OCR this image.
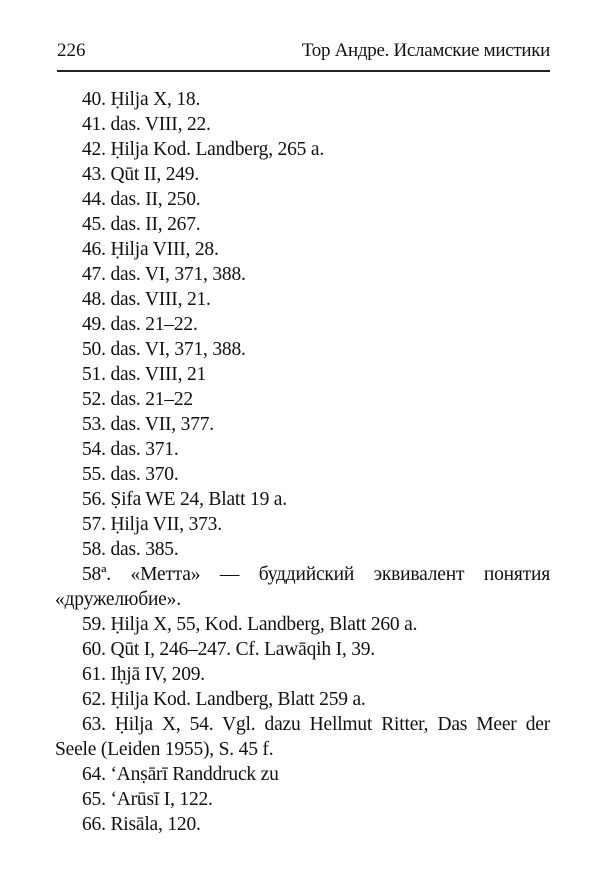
226	Тор Андре. Исламские мистики

40. Ḥilja X, 18.

41. das. VIII, 22.

42. Ḥilja Kod. Landberg, 265 a.

43. Qūt II, 249.

44. das. II, 250.

45. das. II, 267.

46. Ḥilja VIII, 28.

47. das. VI, 371, 388.

48. das. VIII, 21.

49. das. 21–22.

50. das. VI, 371, 388.

51. das. VIII, 21

52. das. 21–22

53. das. VII, 377.

54. das. 371.

55. das. 370.

56. Ṣifa WE 24, Blatt 19 a.

57. Ḥilja VII, 373.

58. das. 385.

58ª. «Метта» — буддийский эквивалент понятия «дружелюбие».

59. Ḥilja X, 55, Kod. Landberg, Blatt 260 a.

60. Qūt I, 246–247. Cf. Lawāqih I, 39.

61. Iḥjā IV, 209.

62. Ḥilja Kod. Landberg, Blatt 259 a.

63. Ḥilja X, 54. Vgl. dazu Hellmut Ritter, Das Meer der Seele (Leiden 1955), S. 45 f.

64. ʻAnṣārī Randdruck zu

65. ʻArūsī I, 122.

66. Risāla, 120.
